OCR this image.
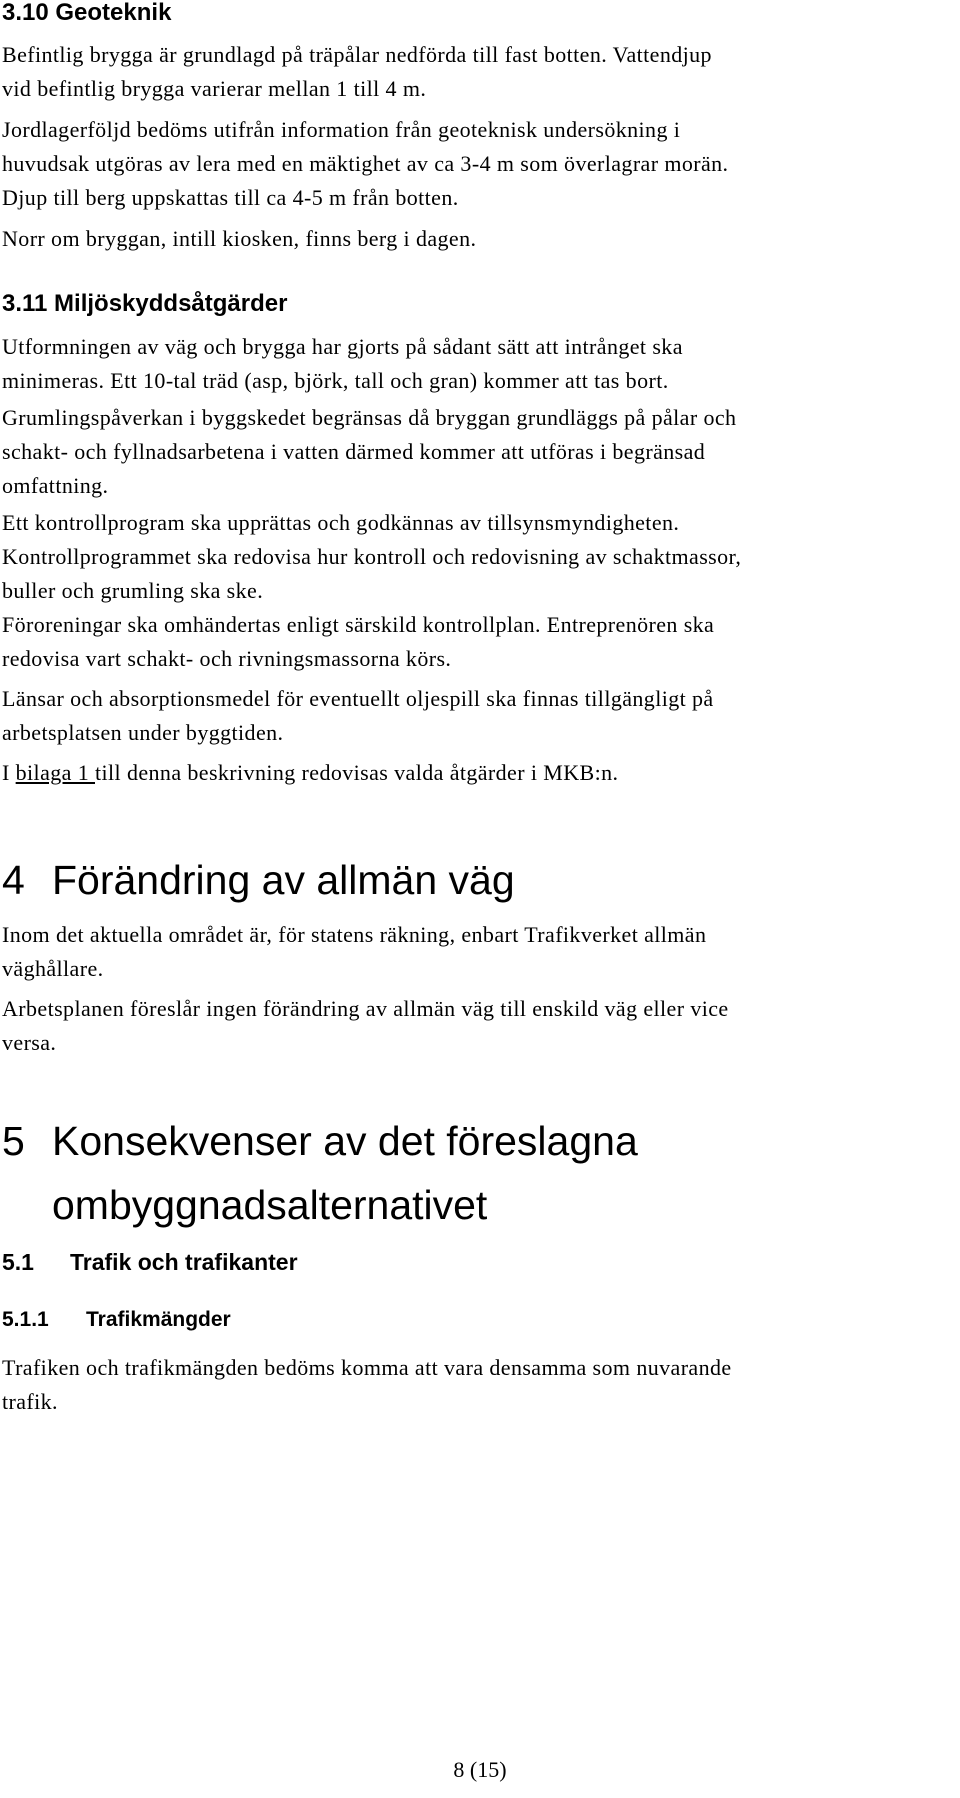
3.10 Geoteknik

Befintlig brygga är grundlagd på träpålar nedförda till fast botten. Vattendjup
vid befintlig brygga varierar mellan 1 till 4 m.

Jordlagerföljd bedöms utifrån information från geoteknisk undersökning i
huvudsak utgöras av lera med en mäktighet av ca 3-4 m som överlagrar morän.
Djup till berg uppskattas till ca 4-5 m från botten.

Norr om bryggan, intill kiosken, finns berg i dagen.

3.11 Miljöskyddsåtgärder

Utformningen av väg och brygga har gjorts på sådant sätt att intrånget ska
minimeras. Ett 10-tal träd (asp, björk, tall och gran) kommer att tas bort.

Grumlingspåverkan i byggskedet begränsas då bryggan grundläggs på pålar och
schakt- och fyllnadsarbetena i vatten därmed kommer att utföras i begränsad
omfattning.

Ett kontrollprogram ska upprättas och godkännas av tillsynsmyndigheten.
Kontrollprogrammet ska redovisa hur kontroll och redovisning av schaktmassor,
buller och grumling ska ske.

Föroreningar ska omhändertas enligt särskild kontrollplan. Entreprenören ska
redovisa vart schakt- och rivningsmassorna körs.

Länsar och absorptionsmedel för eventuellt oljespill ska finnas tillgängligt på
arbetsplatsen under byggtiden.

I bilaga 1 till denna beskrivning redovisas valda åtgärder i MKB:n.

4 Förändring av allmän väg

Inom det aktuella området är, för statens räkning, enbart Trafikverket allmän
väghållare.

Arbetsplanen föreslår ingen förändring av allmän väg till enskild väg eller vice
versa.

5 Konsekvenser av det föreslagna
ombyggnadsalternativet
5.1 Trafik och trafikanter
5.1.1 Trafikmängder

Trafiken och trafikmängden bedöms komma att vara densamma som nuvarande
trafik.

8 (15)
